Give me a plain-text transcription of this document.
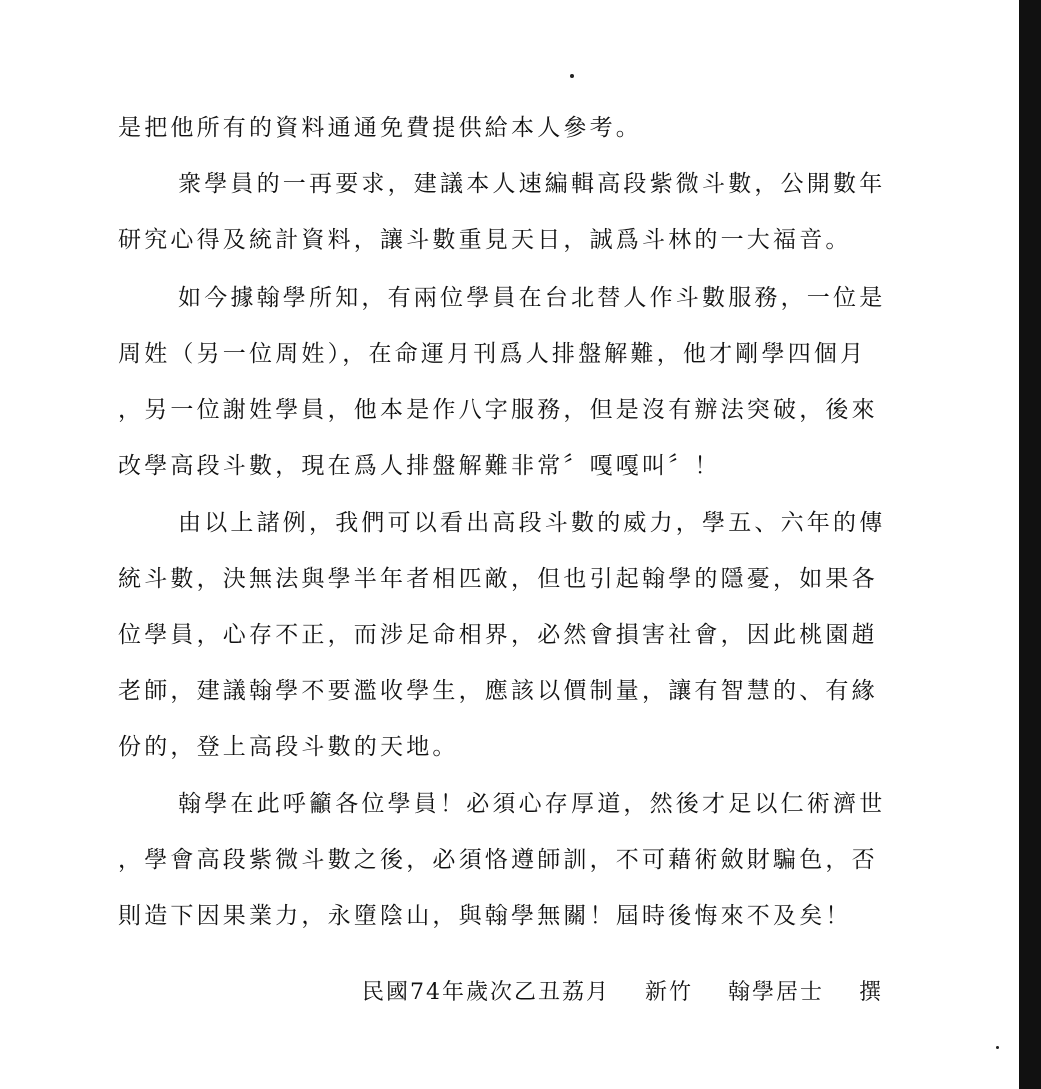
是把他所有的資料通通免費提供給本人參考。
衆學員的一再要求，建議本人速編輯高段紫微斗數，公開數年
研究心得及統計資料，讓斗數重見天日，誠爲斗林的一大福音。
如今據翰學所知，有兩位學員在台北替人作斗數服務，一位是
周姓（另一位周姓），在命運月刊爲人排盤解難，他才剛學四個月
，另一位謝姓學員，他本是作八字服務，但是沒有辦法突破，後來
改學高段斗數，現在爲人排盤解難非常〞嘎嘎叫〞！
由以上諸例，我們可以看出高段斗數的威力，學五、六年的傳
統斗數，決無法與學半年者相匹敵，但也引起翰學的隱憂，如果各
位學員，心存不正，而涉足命相界，必然會損害社會，因此桃園趙
老師，建議翰學不要濫收學生，應該以價制量，讓有智慧的、有緣
份的，登上高段斗數的天地。
翰學在此呼籲各位學員！必須心存厚道，然後才足以仁術濟世
，學會高段紫微斗數之後，必須恪遵師訓，不可藉術斂財騙色，否
則造下因果業力，永墮陰山，與翰學無關！屆時後悔來不及矣！
民國74年歲次乙丑荔月 新竹 翰學居士 撰
